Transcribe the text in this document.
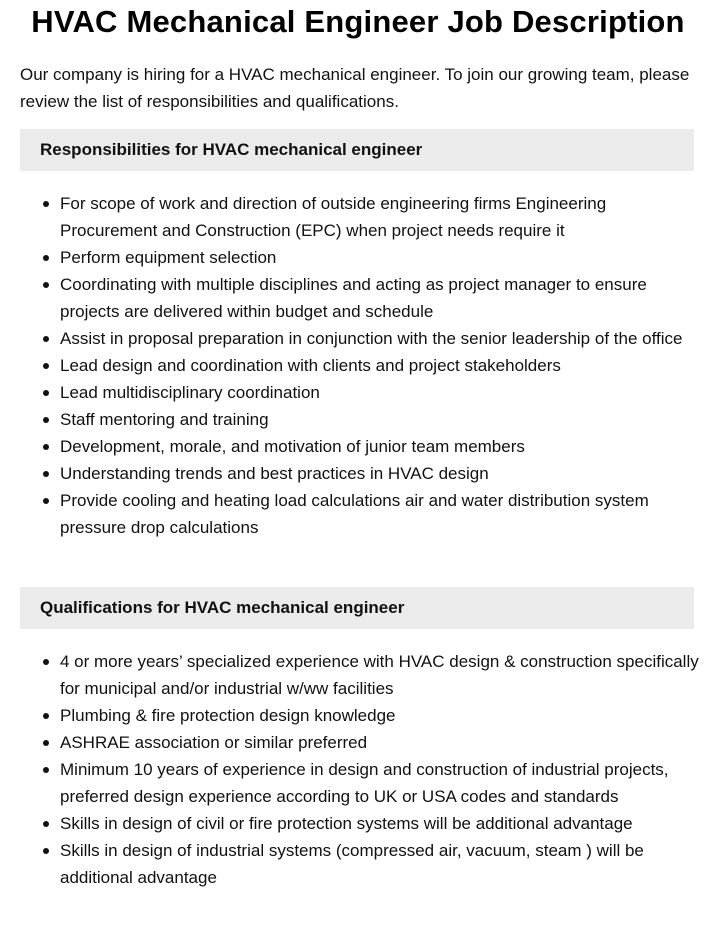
HVAC Mechanical Engineer Job Description

Our company is hiring for a HVAC mechanical engineer. To join our growing team, please review the list of responsibilities and qualifications.

Responsibilities for HVAC mechanical engineer
For scope of work and direction of outside engineering firms Engineering Procurement and Construction (EPC) when project needs require it
Perform equipment selection
Coordinating with multiple disciplines and acting as project manager to ensure projects are delivered within budget and schedule
Assist in proposal preparation in conjunction with the senior leadership of the office
Lead design and coordination with clients and project stakeholders
Lead multidisciplinary coordination
Staff mentoring and training
Development, morale, and motivation of junior team members
Understanding trends and best practices in HVAC design
Provide cooling and heating load calculations air and water distribution system pressure drop calculations
Qualifications for HVAC mechanical engineer
4 or more years’ specialized experience with HVAC design & construction specifically for municipal and/or industrial w/ww facilities
Plumbing & fire protection design knowledge
ASHRAE association or similar preferred
Minimum 10 years of experience in design and construction of industrial projects, preferred design experience according to UK or USA codes and standards
Skills in design of civil or fire protection systems will be additional advantage
Skills in design of industrial systems (compressed air, vacuum, steam ) will be additional advantage
